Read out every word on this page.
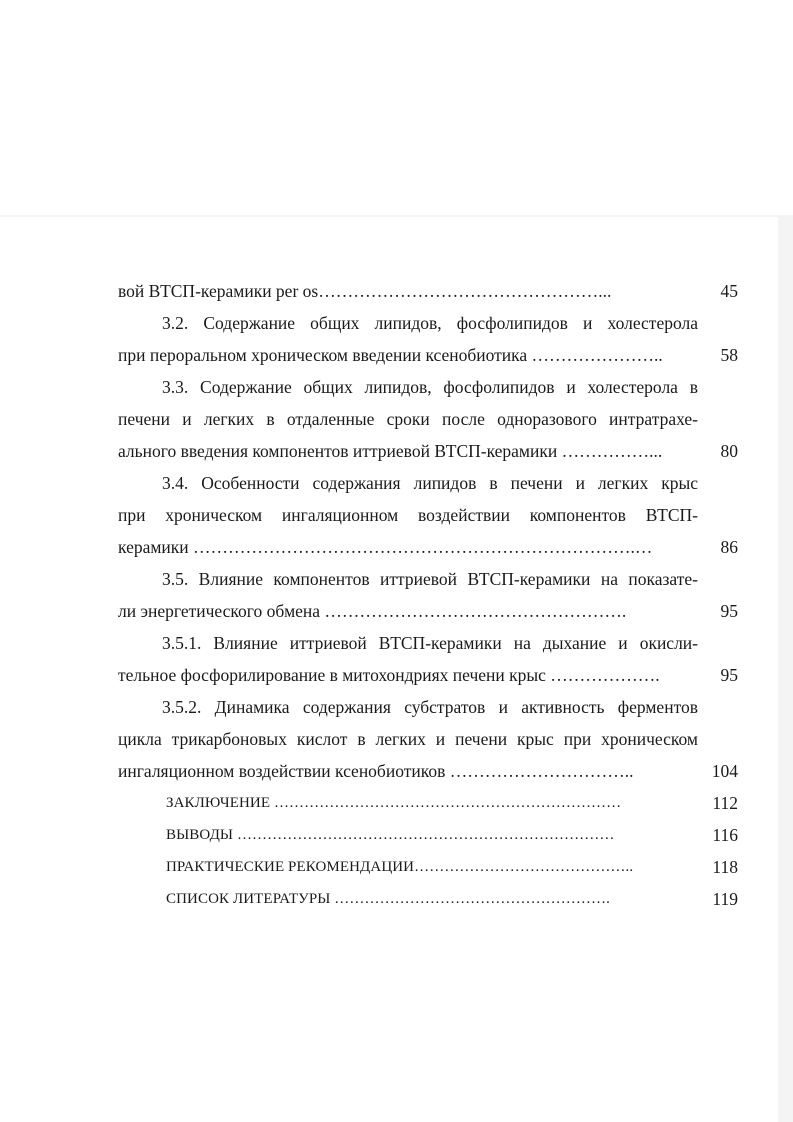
вой ВТСП-керамики per os…………………………………………...	45
3.2. Содержание общих липидов, фосфолипидов и холестерола
при пероральном хроническом введении ксенобиотика …………………..	58
3.3. Содержание общих липидов, фосфолипидов и холестерола в
печени и легких в отдаленные сроки после одноразового интратрахе-
ального введения компонентов иттриевой ВТСП-керамики ……………...	80
3.4. Особенности содержания липидов в печени и легких крыс
при хроническом ингаляционном воздействии компонентов ВТСП-
керамики ………………………………………………………………….…	86
3.5. Влияние компонентов иттриевой ВТСП-керамики на показате-
ли энергетического обмена …………………………………………….	95
3.5.1. Влияние иттриевой ВТСП-керамики на дыхание и окисли-
тельное фосфорилирование в митохондриях печени крыс ……………….	95
3.5.2. Динамика содержания субстратов и активность ферментов
цикла трикарбоновых кислот в легких и печени крыс при хроническом
ингаляционном воздействии ксенобиотиков …………………………..	104
ЗАКЛЮЧЕНИЕ ……………………………………………………………	112
ВЫВОДЫ …………………………………………………………………	116
ПРАКТИЧЕСКИЕ РЕКОМЕНДАЦИИ……………………………………..	118
СПИСОК ЛИТЕРАТУРЫ ……………………………………………….	119
